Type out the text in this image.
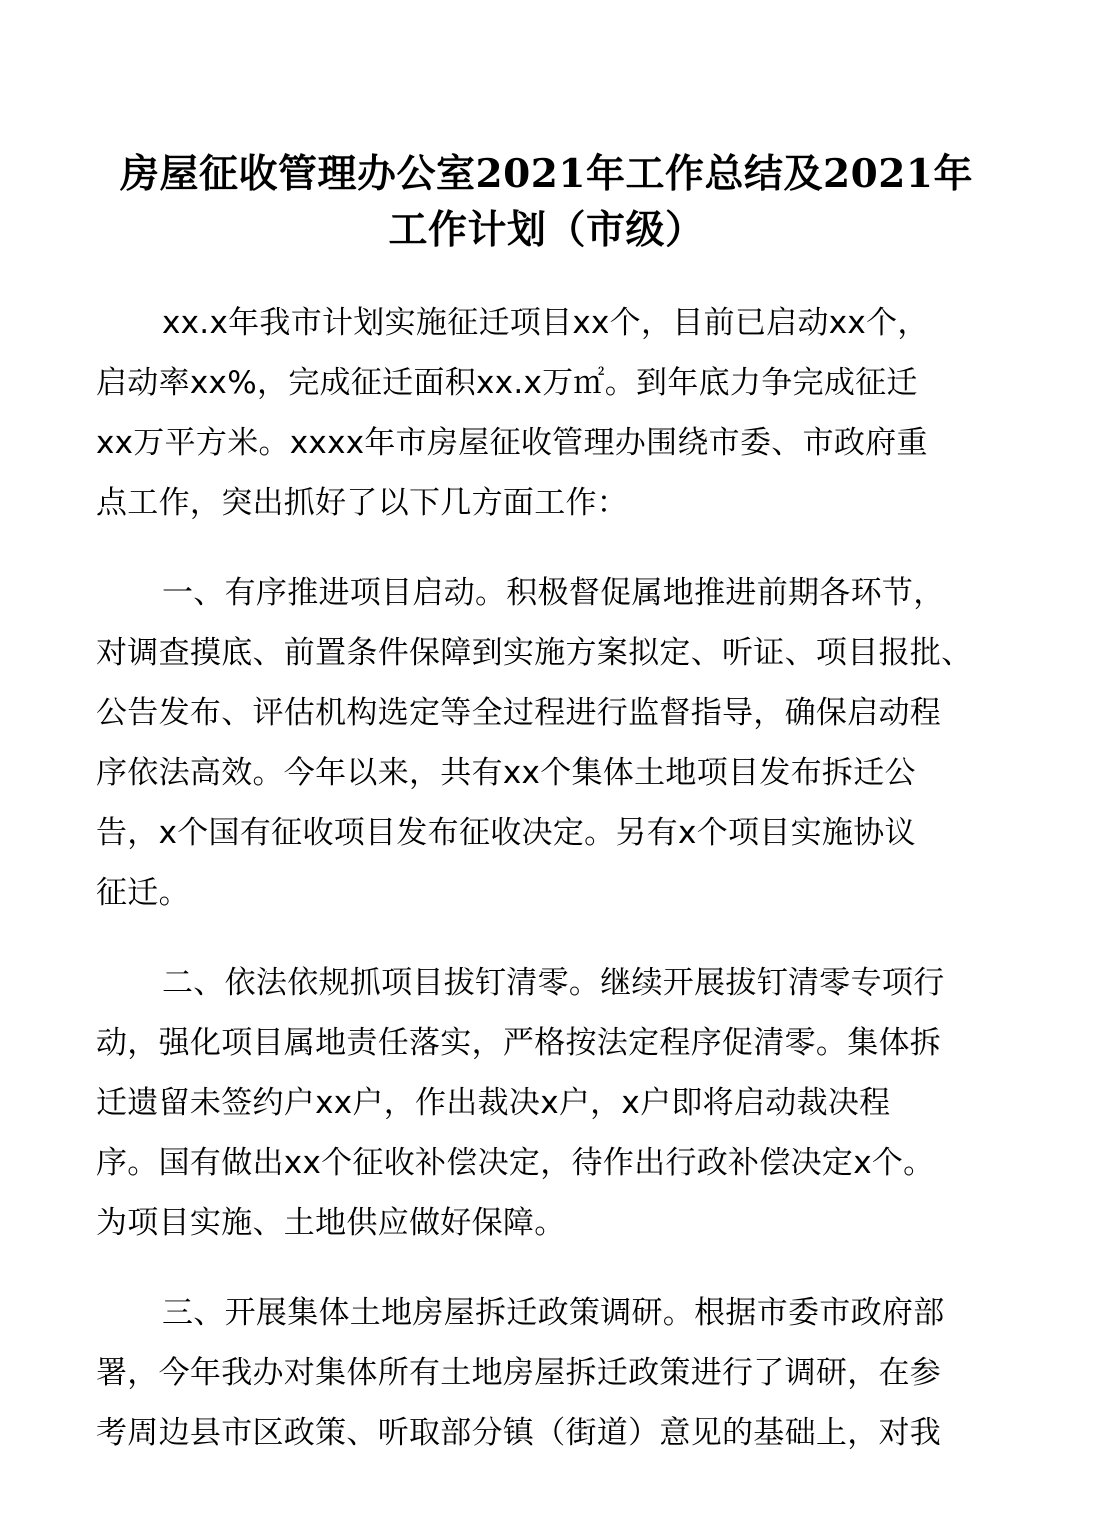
房屋征收管理办公室2021年工作总结及2021年
工作计划（市级）

xx.x年我市计划实施征迁项目xx个，目前已启动xx个，
启动率xx%，完成征迁面积xx.x万㎡。到年底力争完成征迁
xx万平方米。xxxx年市房屋征收管理办围绕市委、市政府重
点工作，突出抓好了以下几方面工作：

一、有序推进项目启动。积极督促属地推进前期各环节，
对调查摸底、前置条件保障到实施方案拟定、听证、项目报批、
公告发布、评估机构选定等全过程进行监督指导，确保启动程
序依法高效。今年以来，共有xx个集体土地项目发布拆迁公
告，x个国有征收项目发布征收决定。另有x个项目实施协议
征迁。

二、依法依规抓项目拔钉清零。继续开展拔钉清零专项行
动，强化项目属地责任落实，严格按法定程序促清零。集体拆
迁遗留未签约户xx户，作出裁决x户，x户即将启动裁决程
序。国有做出xx个征收补偿决定，待作出行政补偿决定x个。
为项目实施、土地供应做好保障。

三、开展集体土地房屋拆迁政策调研。根据市委市政府部
署，今年我办对集体所有土地房屋拆迁政策进行了调研，在参
考周边县市区政策、听取部分镇（街道）意见的基础上，对我
